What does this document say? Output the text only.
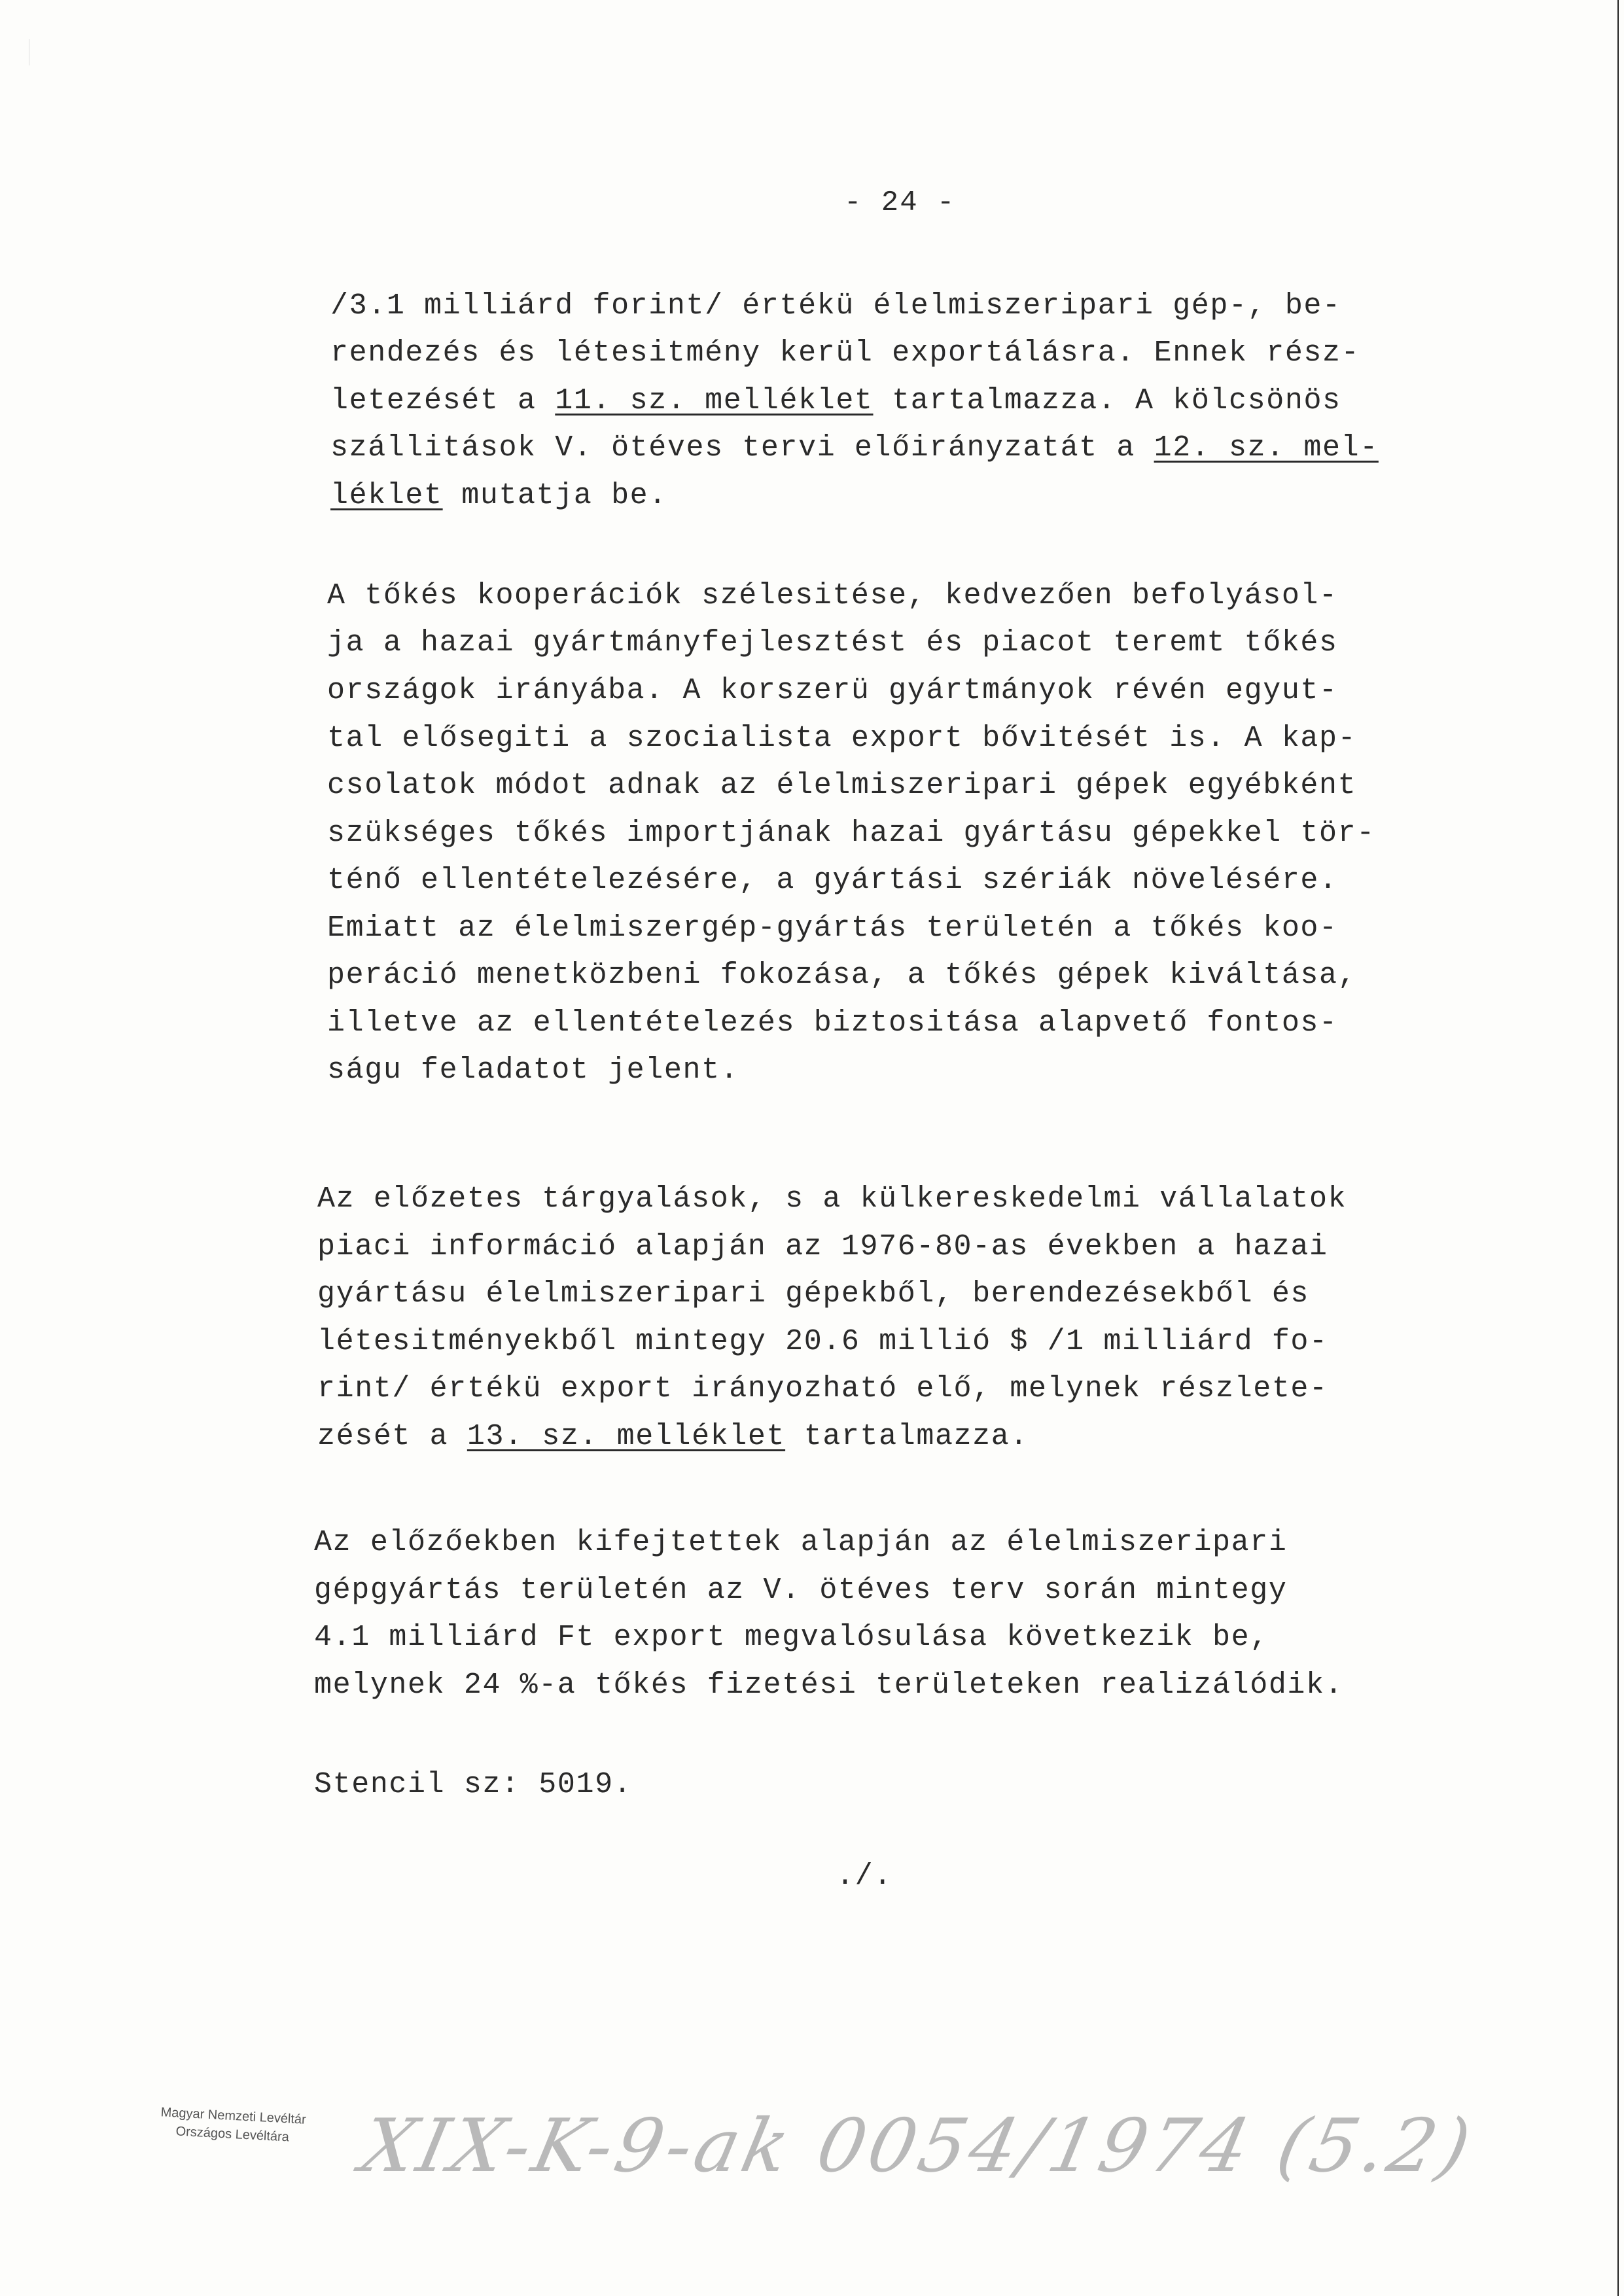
- 24 -
/3.1 milliárd forint/ értékü élelmiszeripari gép-, be-
rendezés és létesitmény kerül exportálásra. Ennek rész-
letezését a 11. sz. melléklet tartalmazza. A kölcsönös
szállitások V. ötéves tervi előirányzatát a 12. sz. mel-
léklet mutatja be.
A tőkés kooperációk szélesitése, kedvezően befolyásol-
ja a hazai gyártmányfejlesztést és piacot teremt tőkés
országok irányába. A korszerü gyártmányok révén egyut-
tal elősegiti a szocialista export bővitését is. A kap-
csolatok módot adnak az élelmiszeripari gépek egyébként
szükséges tőkés importjának hazai gyártásu gépekkel tör-
ténő ellentételezésére, a gyártási szériák növelésére.
Emiatt az élelmiszergép-gyártás területén a tőkés koo-
peráció menetközbeni fokozása, a tőkés gépek kiváltása,
illetve az ellentételezés biztositása alapvető fontos-
ságu feladatot jelent.
Az előzetes tárgyalások, s a külkereskedelmi vállalatok
piaci információ alapján az 1976-80-as években a hazai
gyártásu élelmiszeripari gépekből, berendezésekből és
létesitményekből mintegy 20.6 millió $ /1 milliárd fo-
rint/ értékü export irányozható elő, melynek részlete-
zését a 13. sz. melléklet tartalmazza.
Az előzőekben kifejtettek alapján az élelmiszeripari
gépgyártás területén az V. ötéves terv során mintegy
4.1 milliárd Ft export megvalósulása következik be,
melynek 24 %-a tőkés fizetési területeken realizálódik.
Stencil sz: 5019.
./.
Magyar Nemzeti Levéltár
Országos Levéltára XIX-K-9-ak 0054/1974 (5.2)
